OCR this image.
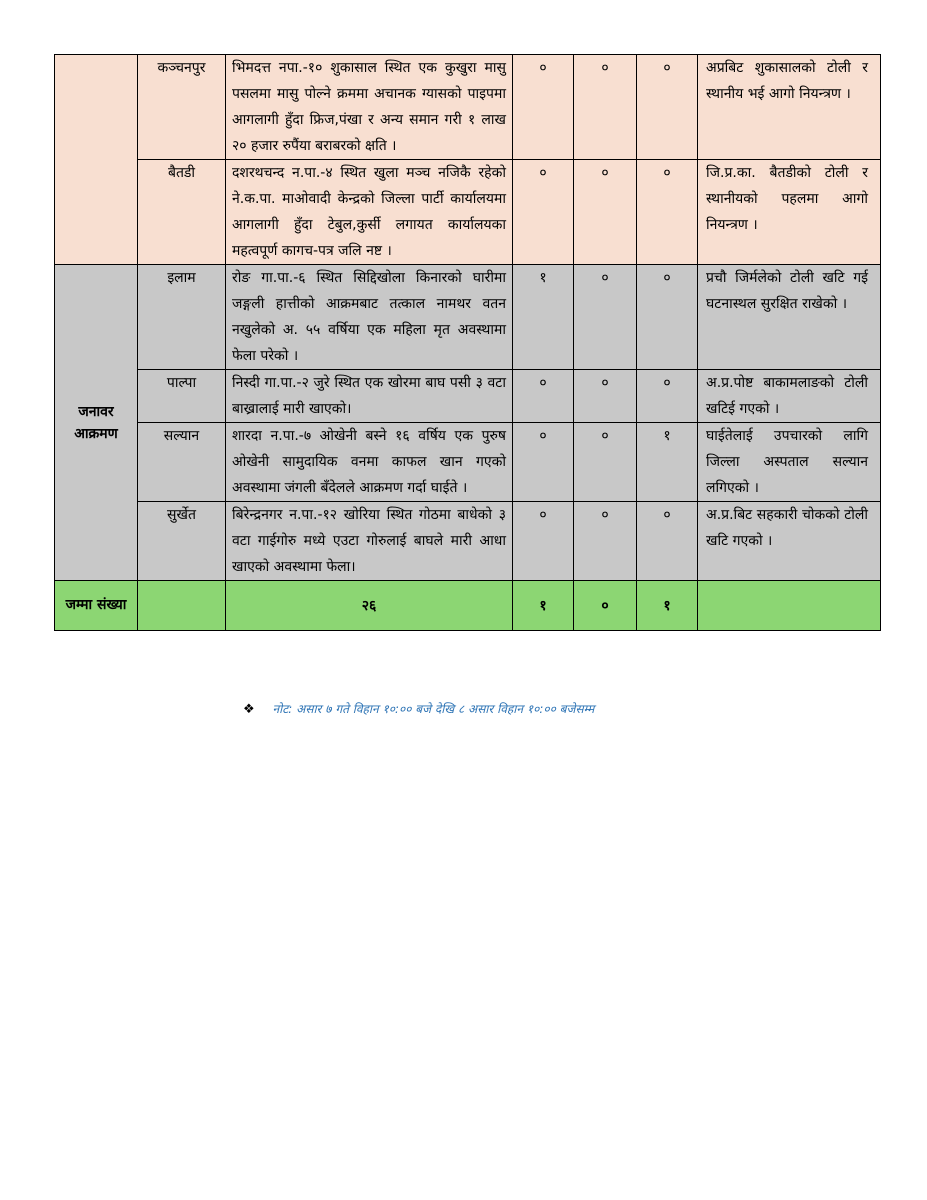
	कञ्चनपुर	भिमदत्त नपा.-१० शुकासाल स्थित एक कुखुरा मासु पसलमा मासु पोल्ने क्रममा अचानक ग्यासको पाइपमा आगलागी हुँदा फ्रिज,पंखा र अन्य समान गरी १ लाख २० हजार रुपैंया बराबरको क्षति ।	०	०	०	अप्रबिट शुकासालको टोली र स्थानीय भई आगो नियन्त्रण ।
	बैतडी	दशरथचन्द न.पा.-४ स्थित खुला मञ्च नजिकै रहेको ने.क.पा. माओवादी केन्द्रको जिल्ला पार्टी कार्यालयमा आगलागी हुँदा टेबुल,कुर्सी लगायत कार्यालयका महत्वपूर्ण कागच-पत्र जलि नष्ट ।	०	०	०	जि.प्र.का. बैतडीको टोली र स्थानीयको पहलमा आगो नियन्त्रण ।
जनावर आक्रमण	इलाम	रोङ गा.पा.-६ स्थित सिद्दिखोला किनारको घारीमा जङ्गली हात्तीको आक्रमबाट तत्काल नामथर वतन नखुलेको अ. ५५ वर्षिया एक महिला मृत अवस्थामा फेला परेको ।	१	०	०	प्रचौ जिर्मलेको टोली खटि गई घटनास्थल सुरक्षित राखेको ।
	पाल्पा	निस्दी गा.पा.-२ जुरे स्थित एक खोरमा बाघ पसी ३ वटा बाख्रालाई मारी खाएको।	०	०	०	अ.प्र.पोष्ट बाकामलाङको टोली खटिई गएको ।
	सल्यान	शारदा न.पा.-७ ओखेनी बस्ने १६ वर्षिय एक पुरुष ओखेनी सामुदायिक वनमा काफल खान गएको अवस्थामा जंगली बँदेलले आक्रमण गर्दा घाईते ।	०	०	१	घाईतेलाई उपचारको लागि जिल्ला अस्पताल सल्यान लगिएको ।
	सुर्खेत	बिरेन्द्रनगर न.पा.-१२ खोरिया स्थित गोठमा बाधेको ३ वटा गाईगोरु मध्ये एउटा गोरुलाई बाघले मारी आधा खाएको अवस्थामा फेला।	०	०	०	अ.प्र.बिट सहकारी चोकको टोली खटि गएको ।
जम्मा संख्या		२६	१	०	१	
❖ नोट: असार ७ गते विहान १०:०० बजे देखि ८ असार विहान १०:०० बजेसम्म
